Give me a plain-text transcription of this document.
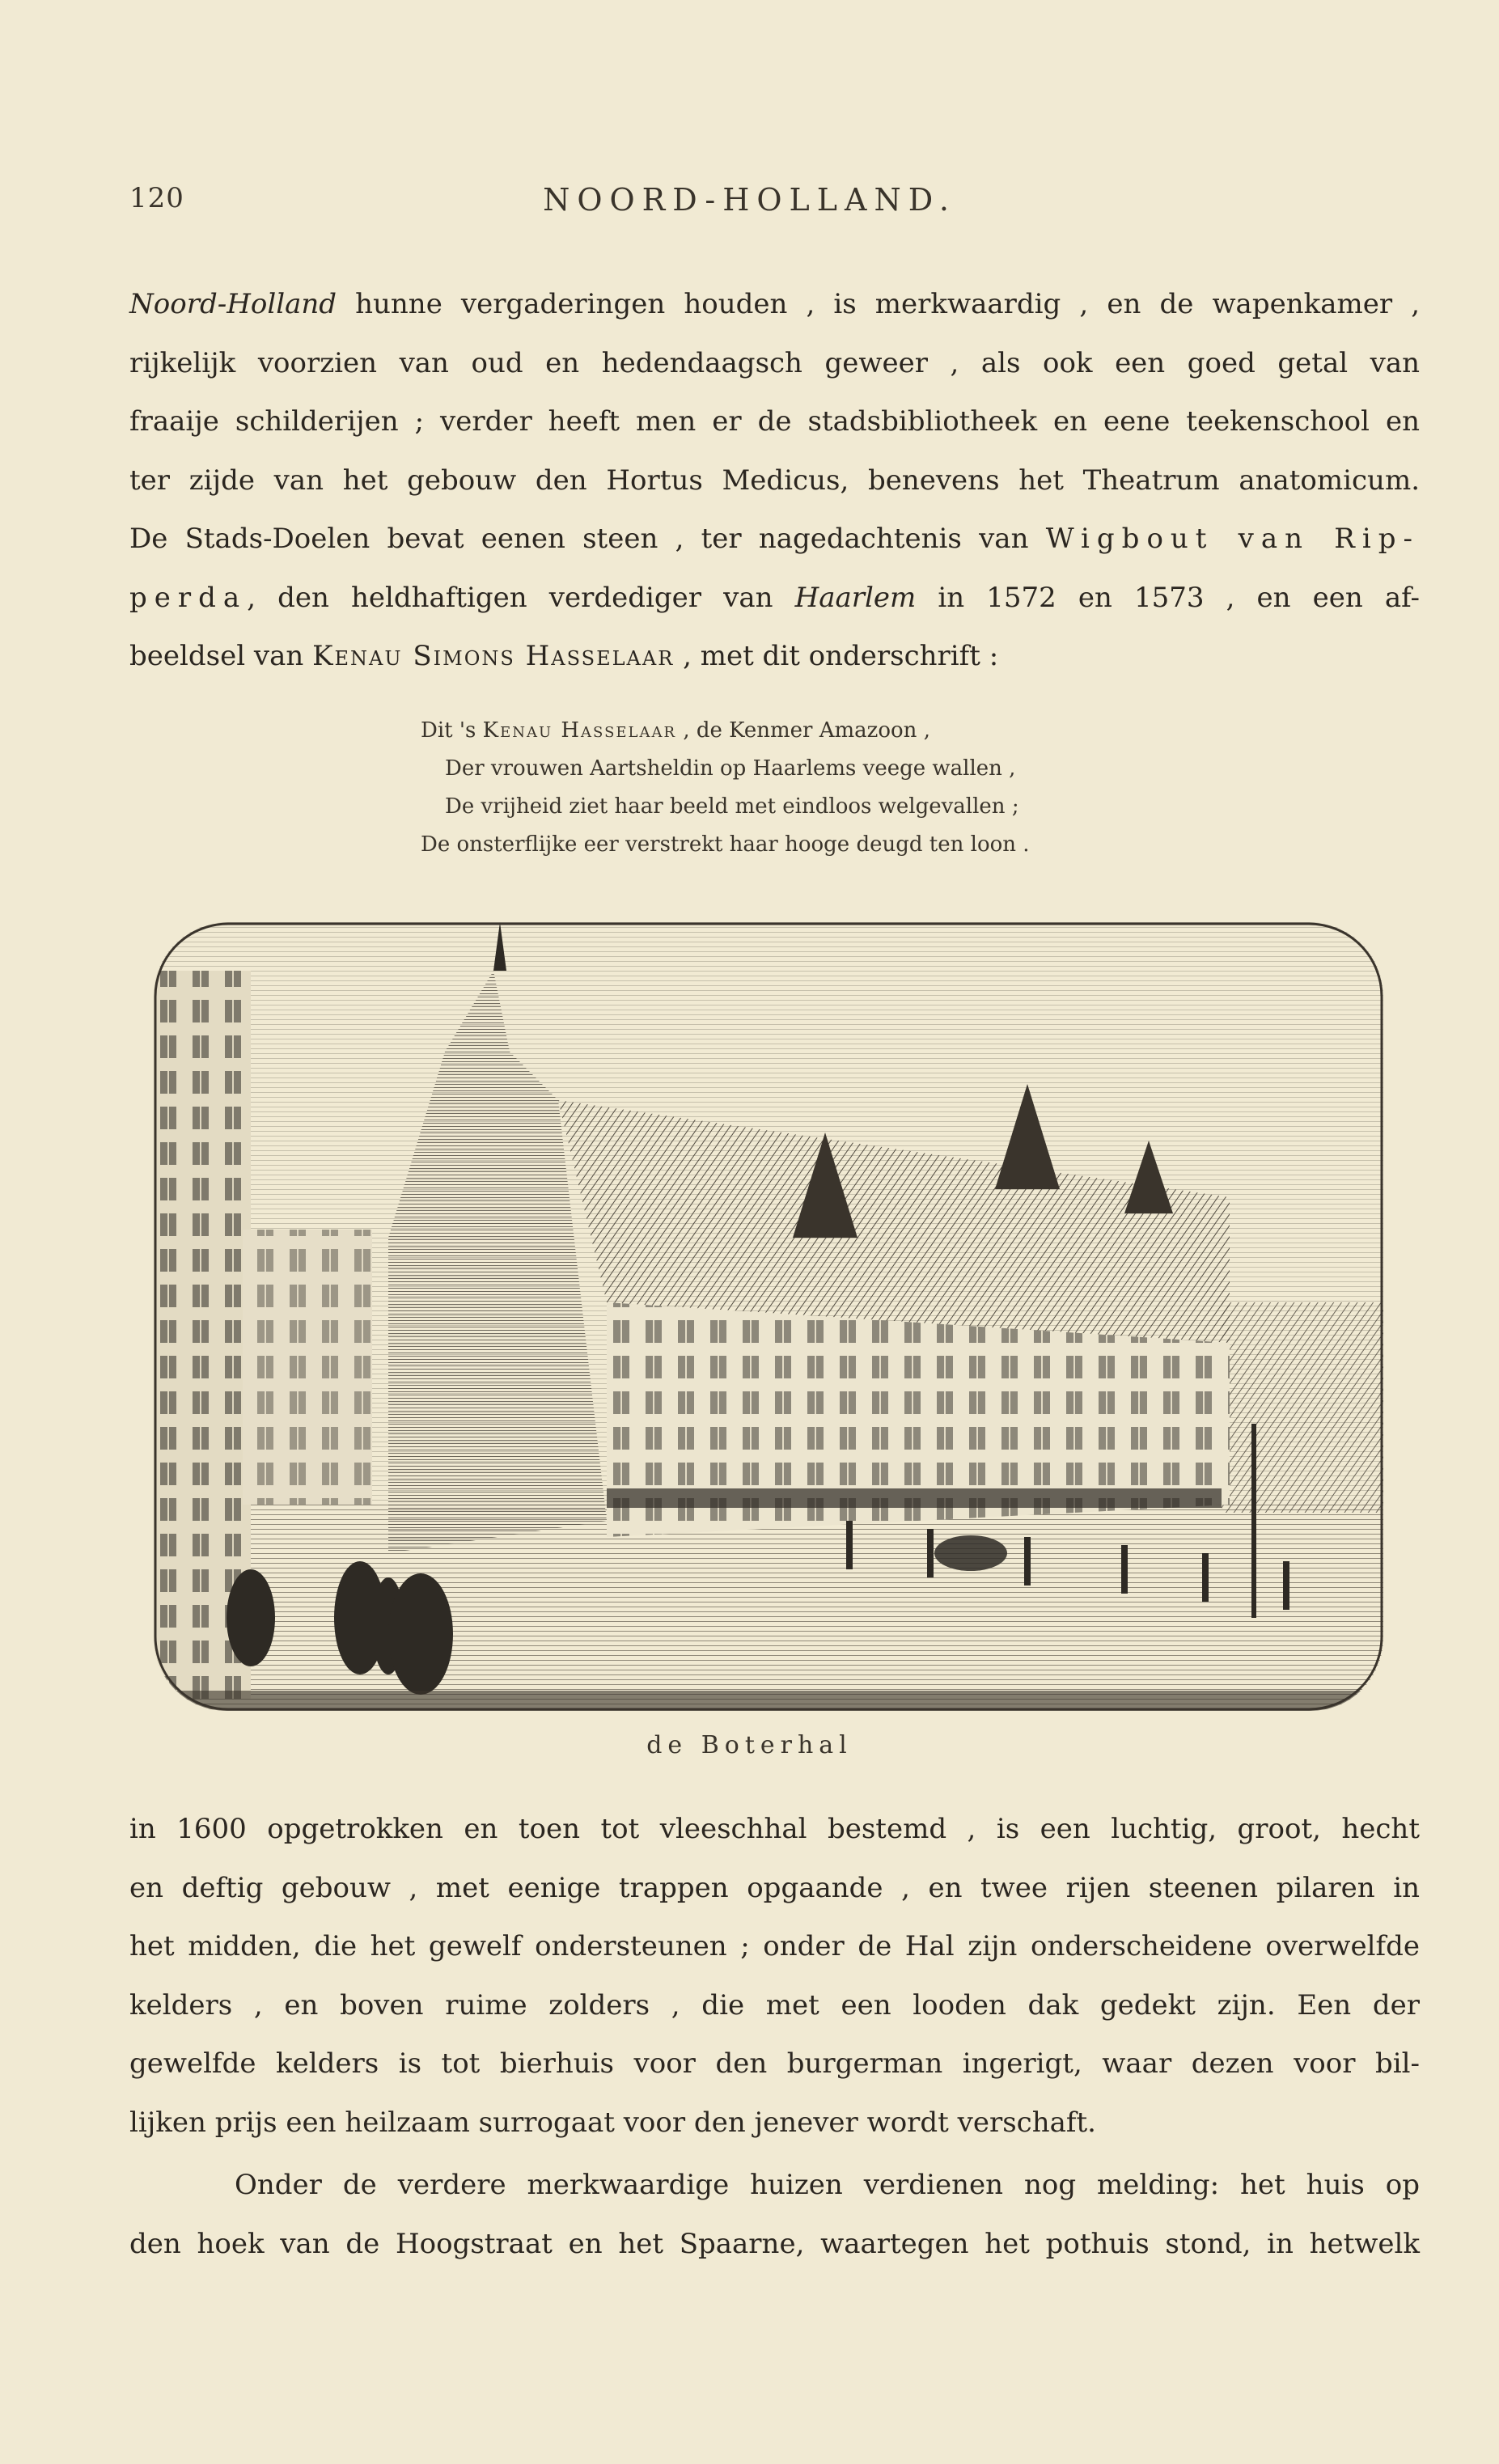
120	NOORD-HOLLAND.
Noord-Holland hunne vergaderingen houden , is merkwaardig , en de wapenkamer ,
rijkelijk voorzien van oud en hedendaagsch geweer , als ook een goed getal van
fraaije schilderijen ; verder heeft men er de stadsbibliotheek en eene teekenschool en
ter zijde van het gebouw den Hortus Medicus, benevens het Theatrum anatomicum.
De Stads-Doelen bevat eenen steen , ter nagedachtenis van Wigbout van Rip-
perda, den heldhaftigen verdediger van Haarlem in 1572 en 1573 , en een af-
beeldsel van Kenau Simons Hasselaar , met dit onderschrift :
Dit 's Kenau Hasselaar , de Kenmer Amazoon ,
Der vrouwen Aartsheldin op Haarlems veege wallen ,
De vrijheid ziet haar beeld met eindloos welgevallen ;
De onsterflijke eer verstrekt haar hooge deugd ten loon .
de Boterhal
in 1600 opgetrokken en toen tot vleeschhal bestemd , is een luchtig, groot, hecht
en deftig gebouw , met eenige trappen opgaande , en twee rijen steenen pilaren in
het midden, die het gewelf ondersteunen ; onder de Hal zijn onderscheidene overwelfde
kelders , en boven ruime zolders , die met een looden dak gedekt zijn. Een der
gewelfde kelders is tot bierhuis voor den burgerman ingerigt, waar dezen voor bil-
lijken prijs een heilzaam surrogaat voor den jenever wordt verschaft.
Onder de verdere merkwaardige huizen verdienen nog melding: het huis op
den hoek van de Hoogstraat en het Spaarne, waartegen het pothuis stond, in hetwelk
